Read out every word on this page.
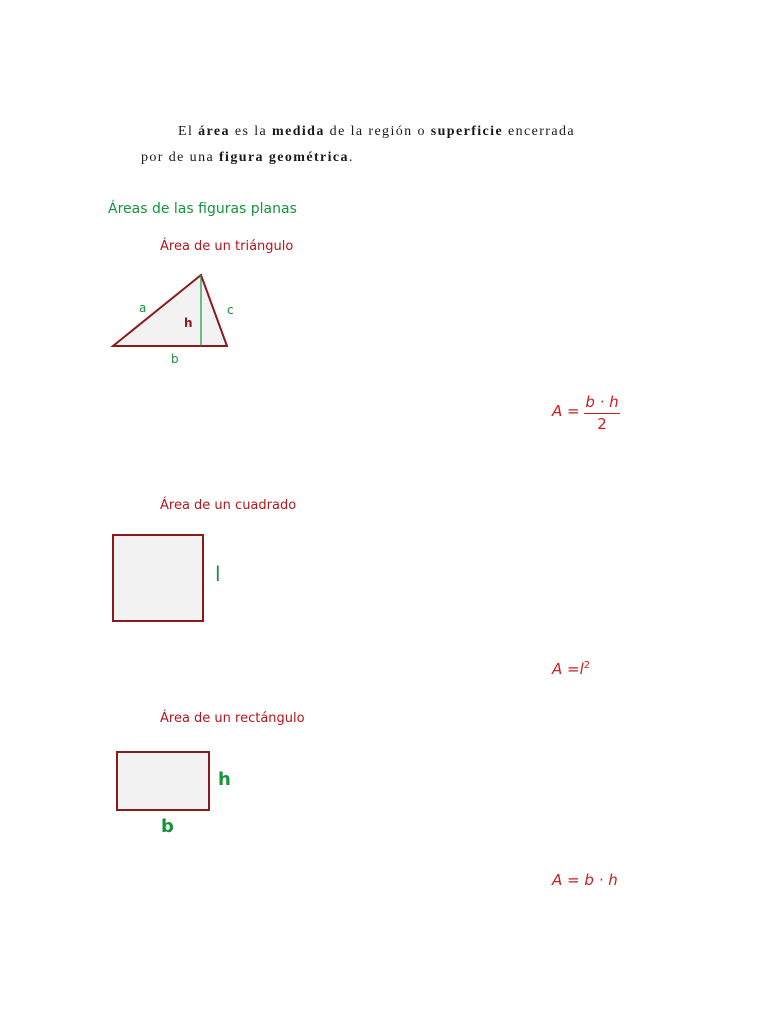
El área es la medida de la región o superficie encerrada
por de una figura geométrica.
Áreas de las figuras planas
Área de un triángulo
a	c
h
b
A = b · h
2
Área de un cuadrado
l
$A =l^2$
Área de un rectángulo
h
b
A = b · h
